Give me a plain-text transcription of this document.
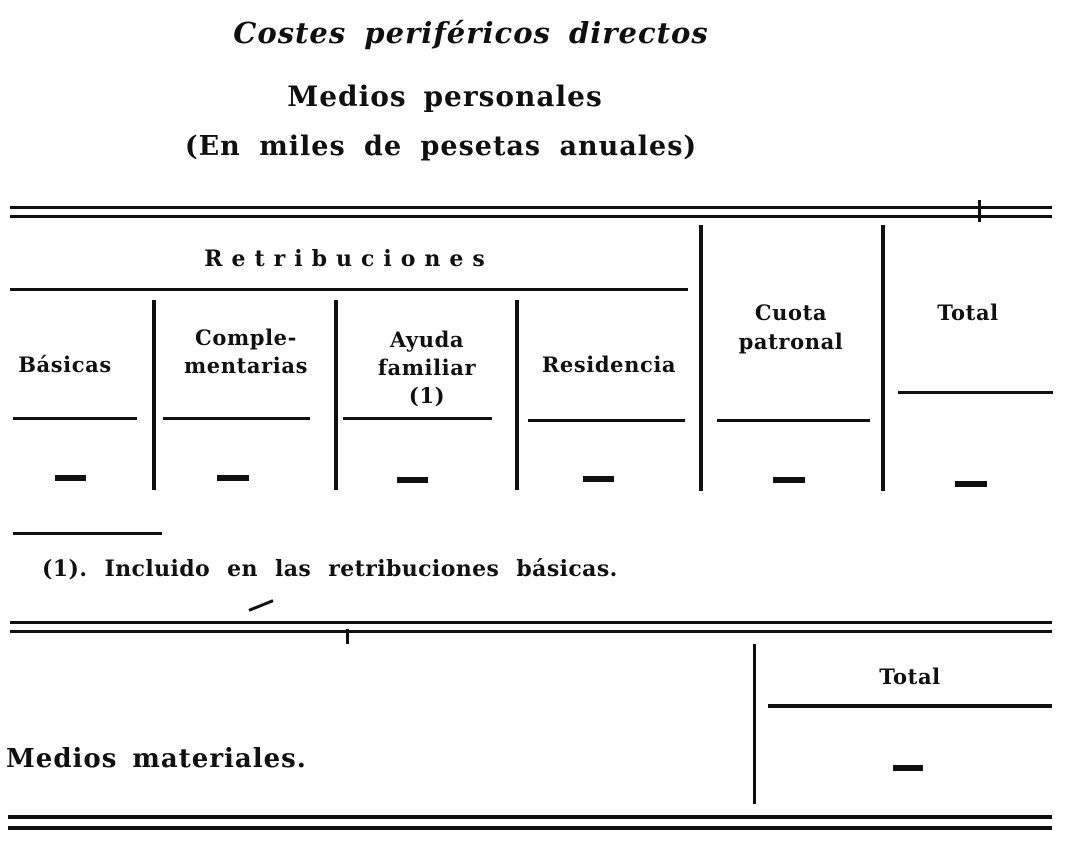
Costes periféricos directos
Medios personales
(En miles de pesetas anuales)
Retribuciones
Básicas
Comple-
mentarias
Ayuda
familiar
(1)
Residencia
Cuota
patronal
Total
(1). Incluido en las retribuciones básicas.
Total
Medios materiales.
